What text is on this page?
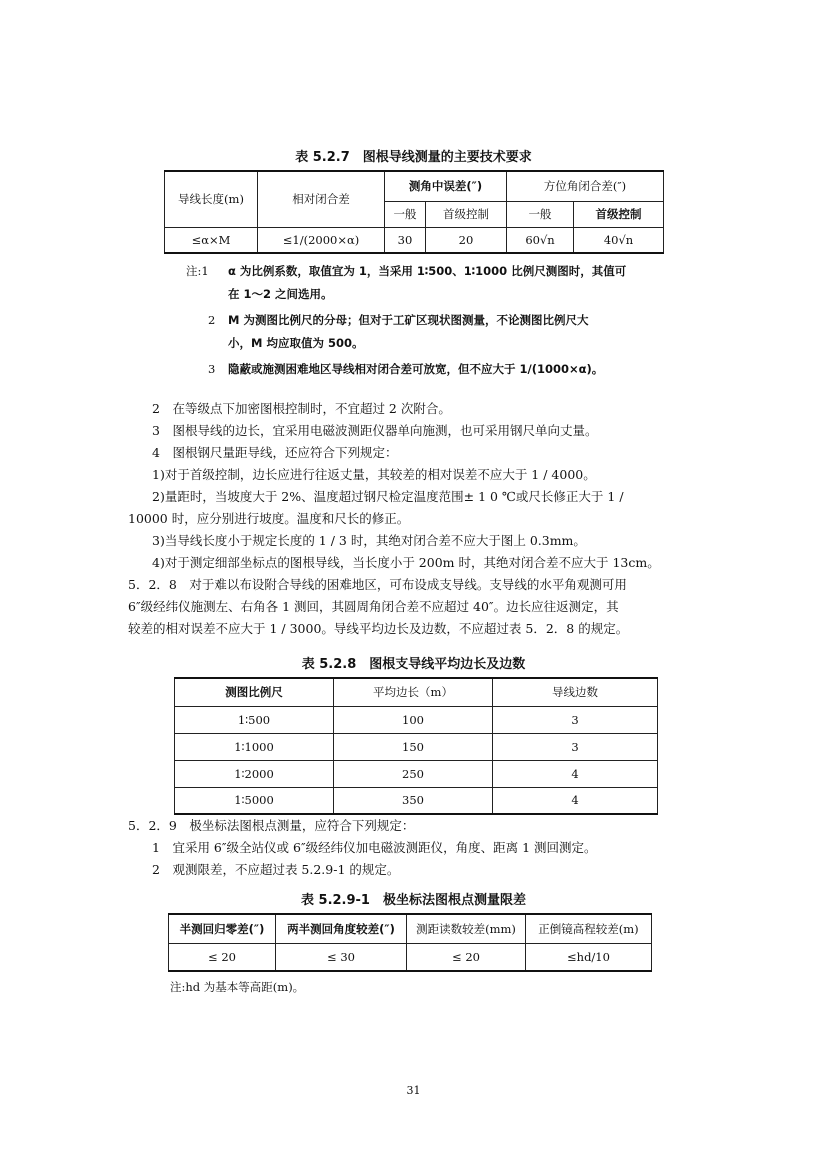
表 5.2.7　图根导线测量的主要技术要求
导线长度(m)	相对闭合差	测角中误差(″)		方位角闭合差(″)	
		一般	首级控制	一般	首级控制
≤α×M	≤1/(2000×α)	30	20	60√n	40√n
注:1 α 为比例系数，取值宜为 1，当采用 1∶500、1∶1000 比例尺测图时，其值可
在 1～2 之间选用。
2 M 为测图比例尺的分母；但对于工矿区现状图测量，不论测图比例尺大
小，M 均应取值为 500。
3 隐蔽或施测困难地区导线相对闭合差可放宽，但不应大于 1/(1000×α)。
2　在等级点下加密图根控制时，不宜超过 2 次附合。
3　图根导线的边长，宜采用电磁波测距仪器单向施测，也可采用钢尺单向丈量。
4　图根钢尺量距导线，还应符合下列规定：
1)对于首级控制，边长应进行往返丈量，其较差的相对误差不应大于 1 / 4000。
2)量距时，当坡度大于 2%、温度超过钢尺检定温度范围± 1 0 ℃或尺长修正大于 1 /
10000 时，应分别进行坡度。温度和尺长的修正。
3)当导线长度小于规定长度的 1 / 3 时，其绝对闭合差不应大于图上 0.3mm。
4)对于测定细部坐标点的图根导线，当长度小于 200m 时，其绝对闭合差不应大于 13cm。
5．2．8　对于难以布设附合导线的困难地区，可布设成支导线。支导线的水平角观测可用
6″级经纬仪施测左、右角各 1 测回，其圆周角闭合差不应超过 40″。边长应往返测定，其
较差的相对误差不应大于 1 / 3000。导线平均边长及边数，不应超过表 5．2．8 的规定。
表 5.2.8　图根支导线平均边长及边数
测图比例尺	平均边长（m）	导线边数
1∶500	100	3
1∶1000	150	3
1∶2000	250	4
1∶5000	350	4
5．2．9　极坐标法图根点测量，应符合下列规定：
1　宜采用 6″级全站仪或 6″级经纬仪加电磁波测距仪，角度、距离 1 测回测定。
2　观测限差，不应超过表 5.2.9-1 的规定。
表 5.2.9-1　极坐标法图根点测量限差
半测回归零差(″)	两半测回角度较差(″)	测距读数较差(mm)	正倒镜高程较差(m)
≤ 20	≤ 30	≤ 20	≤hd/10
注:hd 为基本等高距(m)。
31
